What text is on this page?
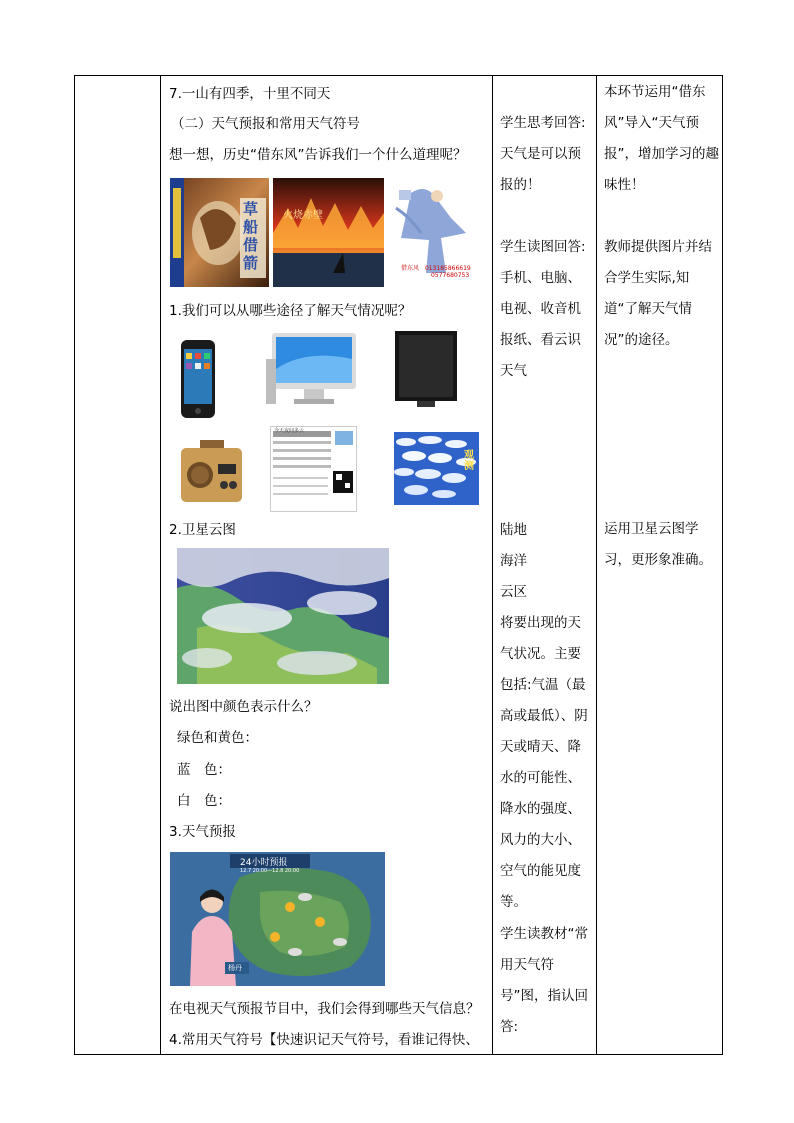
7.一山有四季，十里不同天
（二）天气预报和常用天气符号
想一想，历史“借东风”告诉我们一个什么道理呢？
草船借箭
火烧赤壁
借东风 013185866619
0577680753
1.我们可以从哪些途径了解天气情况呢？
今天夜间多云
观测
2.卫星云图
说出图中颜色表示什么？
绿色和黄色：
蓝　色：
白　色：
3.天气预报
24小时预报
12.7 20:00—12.8 20:00
杨丹
在电视天气预报节目中，我们会得到哪些天气信息？
4.常用天气符号【快速识记天气符号，看谁记得快、

学生思考回答:天气是可以预报的！
学生读图回答:手机、电脑、电视、收音机报纸、看云识天气
陆地
海洋
云区
将要出现的天气状况。主要包括:气温（最高或最低）、阴天或晴天、降水的可能性、降水的强度、风力的大小、空气的能见度等。
学生读教材“常用天气符号”图，指认回答:

本环节运用“借东风”导入“天气预报”，增加学习的趣味性！
教师提供图片并结合学生实际,知道“了解天气情况”的途径。
运用卫星云图学习，更形象准确。
